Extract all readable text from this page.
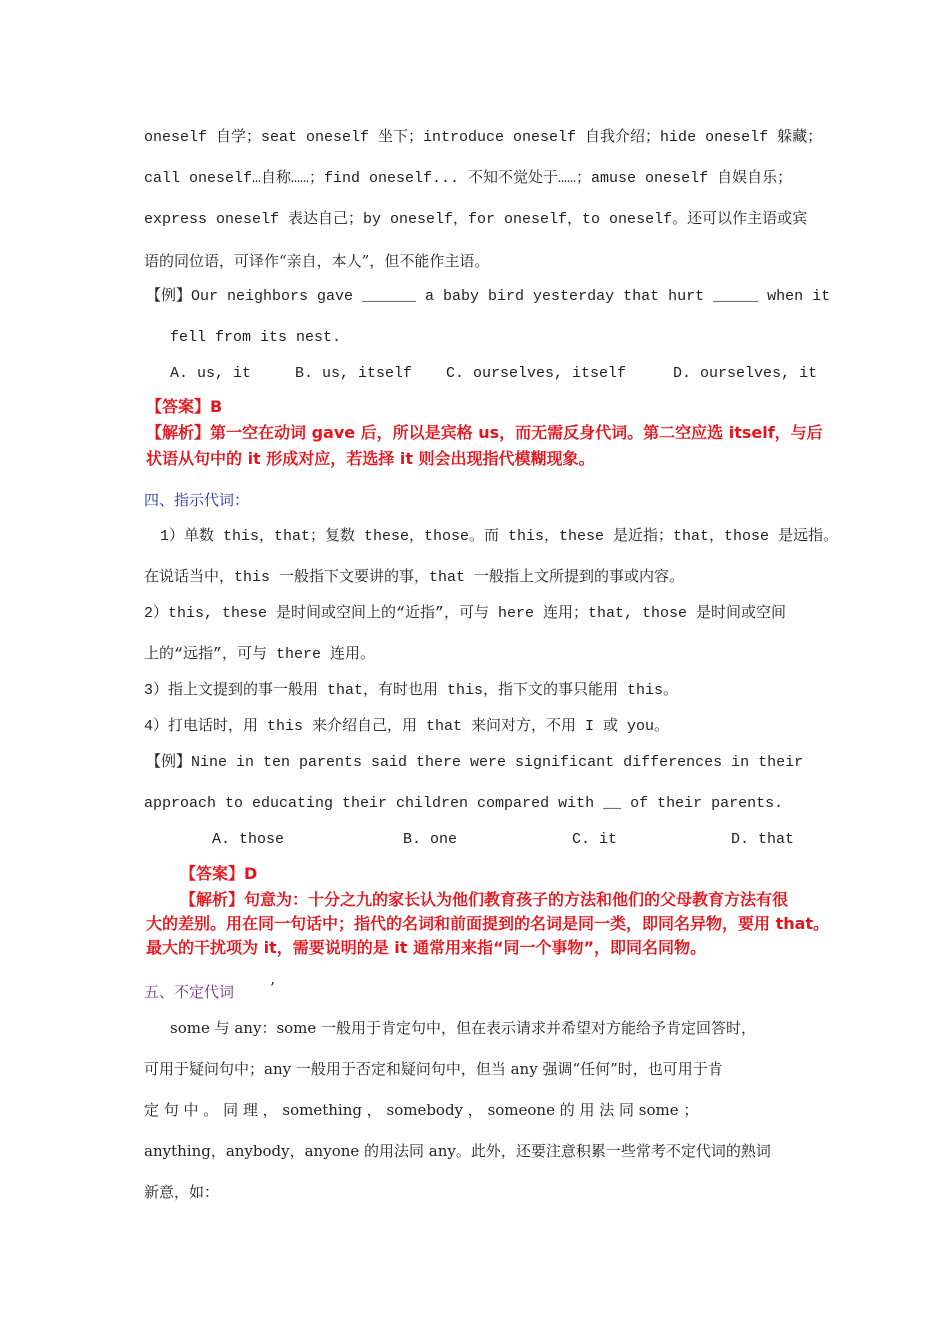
oneself 自学；seat oneself 坐下；introduce oneself 自我介绍；hide oneself 躲藏；
call oneself…自称……；find oneself... 不知不觉处于……；amuse oneself 自娱自乐；
express oneself 表达自己；by oneself，for oneself，to oneself。还可以作主语或宾
语的同位语，可译作“亲自，本人”，但不能作主语。
【例】Our neighbors gave ______ a baby bird yesterday that hurt _____ when it
fell from its nest.
A. us, it	B. us, itself C. ourselves, itself	D. ourselves, it
【答案】B
【解析】第一空在动词 gave 后，所以是宾格 us，而无需反身代词。第二空应选 itself，与后
状语从句中的 it 形成对应，若选择 it 则会出现指代模糊现象。
四、指示代词：
1）单数 this，that；复数 these，those。而 this，these 是近指；that，those 是远指。
在说话当中，this 一般指下文要讲的事，that 一般指上文所提到的事或内容。
2）this, these 是时间或空间上的“近指”，可与 here 连用；that, those 是时间或空间
上的“远指”，可与 there 连用。
3）指上文提到的事一般用 that，有时也用 this，指下文的事只能用 this。
4）打电话时，用 this 来介绍自己，用 that 来问对方，不用 I 或 you。
【例】Nine in ten parents said there were significant differences in their
approach to educating their children compared with __ of their parents.
A. those	B. one	C. it	D. that
【答案】D
【解析】句意为：十分之九的家长认为他们教育孩子的方法和他们的父母教育方法有很
大的差别。用在同一句话中；指代的名词和前面提到的名词是同一类，即同名异物，要用 that。
最大的干扰项为 it，需要说明的是 it 通常用来指“同一个事物”，即同名同物。
五、不定代词 ’
some 与 any：some 一般用于肯定句中，但在表示请求并希望对方能给予肯定回答时，
可用于疑问句中；any 一般用于否定和疑问句中，但当 any 强调“任何”时，也可用于肯
定 句 中 。 同 理 ， something ， somebody ， someone 的 用 法 同 some ；
anything，anybody，anyone 的用法同 any。此外，还要注意积累一些常考不定代词的熟词
新意，如：
